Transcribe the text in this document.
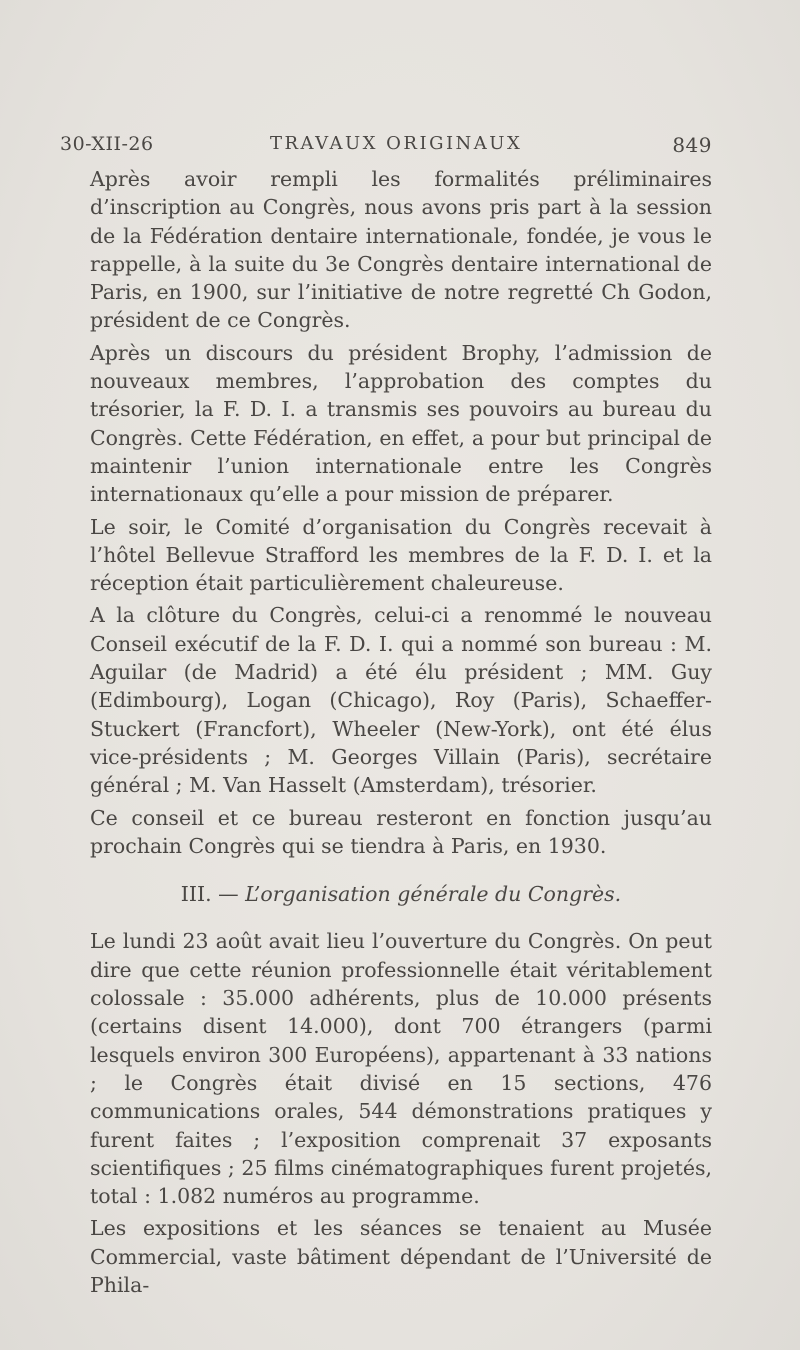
30-XII-26	TRAVAUX ORIGINAUX	849

Après avoir rempli les formalités préliminaires d’inscription au Congrès, nous avons pris part à la session de la Fédération dentaire internationale, fondée, je vous le rappelle, à la suite du 3e Congrès dentaire international de Paris, en 1900, sur l’initiative de notre regretté Ch Godon, président de ce Congrès.

Après un discours du président Brophy, l’admission de nouveaux membres, l’approbation des comptes du trésorier, la F. D. I. a transmis ses pouvoirs au bureau du Congrès. Cette Fédération, en effet, a pour but principal de maintenir l’union internationale entre les Congrès internationaux qu’elle a pour mission de préparer.

Le soir, le Comité d’organisation du Congrès recevait à l’hôtel Bellevue Strafford les membres de la F. D. I. et la réception était particulièrement chaleureuse.

A la clôture du Congrès, celui-ci a renommé le nouveau Conseil exécutif de la F. D. I. qui a nommé son bureau : M. Aguilar (de Madrid) a été élu président ; MM. Guy (Edimbourg), Logan (Chicago), Roy (Paris), Schaeffer-Stuckert (Francfort), Wheeler (New-York), ont été élus vice-présidents ; M. Georges Villain (Paris), secrétaire général ; M. Van Hasselt (Amsterdam), trésorier.

Ce conseil et ce bureau resteront en fonction jusqu’au prochain Congrès qui se tiendra à Paris, en 1930.

III. — L’organisation générale du Congrès.

Le lundi 23 août avait lieu l’ouverture du Congrès. On peut dire que cette réunion professionnelle était véritablement colossale : 35.000 adhérents, plus de 10.000 présents (certains disent 14.000), dont 700 étrangers (parmi lesquels environ 300 Européens), appartenant à 33 nations ; le Congrès était divisé en 15 sections, 476 communications orales, 544 démonstrations pratiques y furent faites ; l’exposition comprenait 37 exposants scientifiques ; 25 films cinématographiques furent projetés, total : 1.082 numéros au programme.

Les expositions et les séances se tenaient au Musée Commercial, vaste bâtiment dépendant de l’Université de Phila-
